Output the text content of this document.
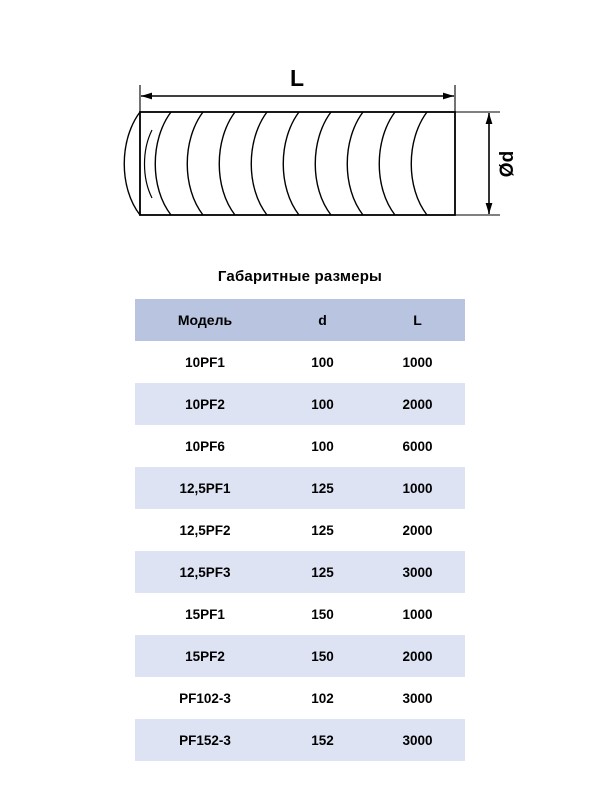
L
Ød
Габаритные размеры
Модель	d	L
10PF1	100	1000
10PF2	100	2000
10PF6	100	6000
12,5PF1	125	1000
12,5PF2	125	2000
12,5PF3	125	3000
15PF1	150	1000
15PF2	150	2000
PF102-3	102	3000
PF152-3	152	3000
